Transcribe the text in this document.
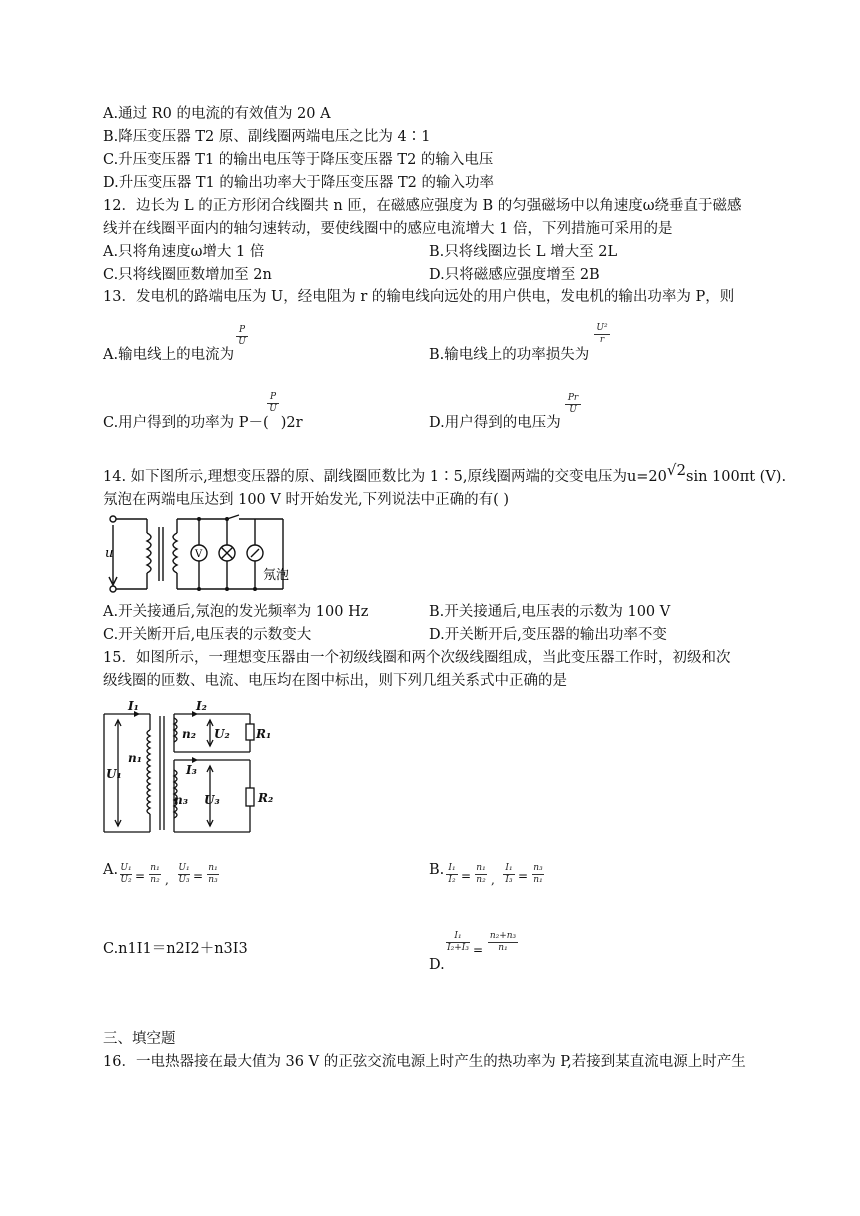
A.通过 R0 的电流的有效值为 20 A
B.降压变压器 T2 原、副线圈两端电压之比为 4∶1
C.升压变压器 T1 的输出电压等于降压变压器 T2 的输入电压
D.升压变压器 T1 的输出功率大于降压变压器 T2 的输入功率
12．边长为 L 的正方形闭合线圈共 n 匝，在磁感应强度为 B 的匀强磁场中以角速度ω绕垂直于磁感
线并在线圈平面内的轴匀速转动，要使线圈中的感应电流增大 1 倍，下列措施可采用的是
A.只将角速度ω增大 1 倍	B.只将线圈边长 L 增大至 2L
C.只将线圈匝数增加至 2n	D.只将磁感应强度增至 2B
13．发电机的路端电压为 U，经电阻为 r 的输电线向远处的用户供电，发电机的输出功率为 P，则
A.输电线上的电流为
P
U
B.输电线上的功率损失为
U²
r
C.用户得到的功率为 P－( )2r
P
U
D.用户得到的电压为
Pr
U
14. 如下图所示,理想变压器的原、副线圈匝数比为 1∶5,原线圈两端的交变电压为u=20√2sin 100πt (V).
氖泡在两端电压达到 100 V 时开始发光,下列说法中正确的有( )
u	V
氖泡
A.开关接通后,氖泡的发光频率为 100 Hz	B.开关接通后,电压表的示数为 100 V
C.开关断开后,电压表的示数变大	D.开关断开后,变压器的输出功率不变
15．如图所示，一理想变压器由一个初级线圈和两个次级线圈组成，当此变压器工作时，初级和次
级线圈的匝数、电流、电压均在图中标出，则下列几组关系式中正确的是
I₁	I₂
I₃
U₁
U₂
U₃
n₁
n₂
n₃
R₁
R₂
A. U₁
U₂ =
n₁
n₂ ,
U₁
U₃ =
n₁
n₃
B. I₁
I₂ =
n₁
n₂ ,
I₁
I₃ =
n₃
n₁
C.n1I1＝n2I2＋n3I3
D.
I₁
I₂+I₃ =
n₂+n₃
n₁
三、填空题
16．一电热器接在最大值为 36 V 的正弦交流电源上时产生的热功率为 P,若接到某直流电源上时产生
